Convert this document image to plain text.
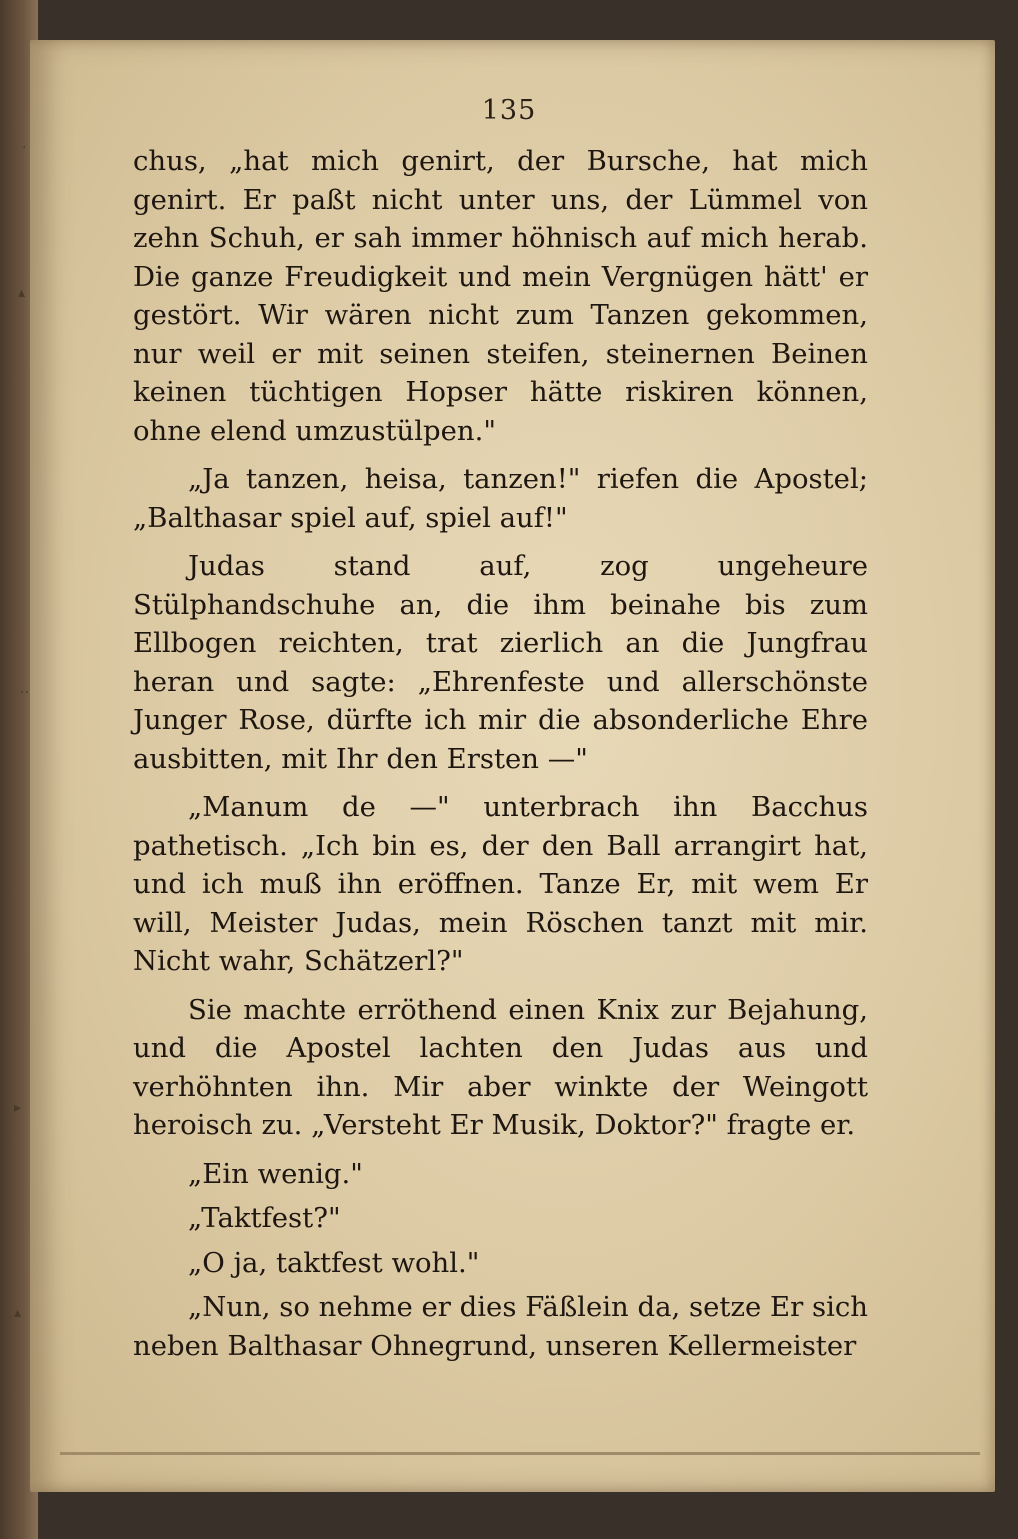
·
▴
··
▸
▴
135

chus, „hat mich genirt, der Bursche, hat mich genirt. Er paßt nicht unter uns, der Lümmel von zehn Schuh, er sah immer höhnisch auf mich herab. Die ganze Freudigkeit und mein Vergnügen hätt' er gestört. Wir wären nicht zum Tanzen gekommen, nur weil er mit seinen steifen, steinernen Beinen keinen tüchtigen Hopser hätte riskiren können, ohne elend umzustülpen."

„Ja tanzen, heisa, tanzen!" riefen die Apostel; „Balthasar spiel auf, spiel auf!"

Judas stand auf, zog ungeheure Stülphandschuhe an, die ihm beinahe bis zum Ellbogen reichten, trat zierlich an die Jungfrau heran und sagte: „Ehrenfeste und allerschönste Junger Rose, dürfte ich mir die absonderliche Ehre ausbitten, mit Ihr den Ersten —"

„Manum de —" unterbrach ihn Bacchus pathetisch. „Ich bin es, der den Ball arrangirt hat, und ich muß ihn eröffnen. Tanze Er, mit wem Er will, Meister Judas, mein Röschen tanzt mit mir. Nicht wahr, Schätzerl?"

Sie machte erröthend einen Knix zur Bejahung, und die Apostel lachten den Judas aus und verhöhnten ihn. Mir aber winkte der Weingott heroisch zu. „Versteht Er Musik, Doktor?" fragte er.

„Ein wenig."

„Taktfest?"

„O ja, taktfest wohl."

„Nun, so nehme er dies Fäßlein da, setze Er sich neben Balthasar Ohnegrund, unseren Kellermeister
